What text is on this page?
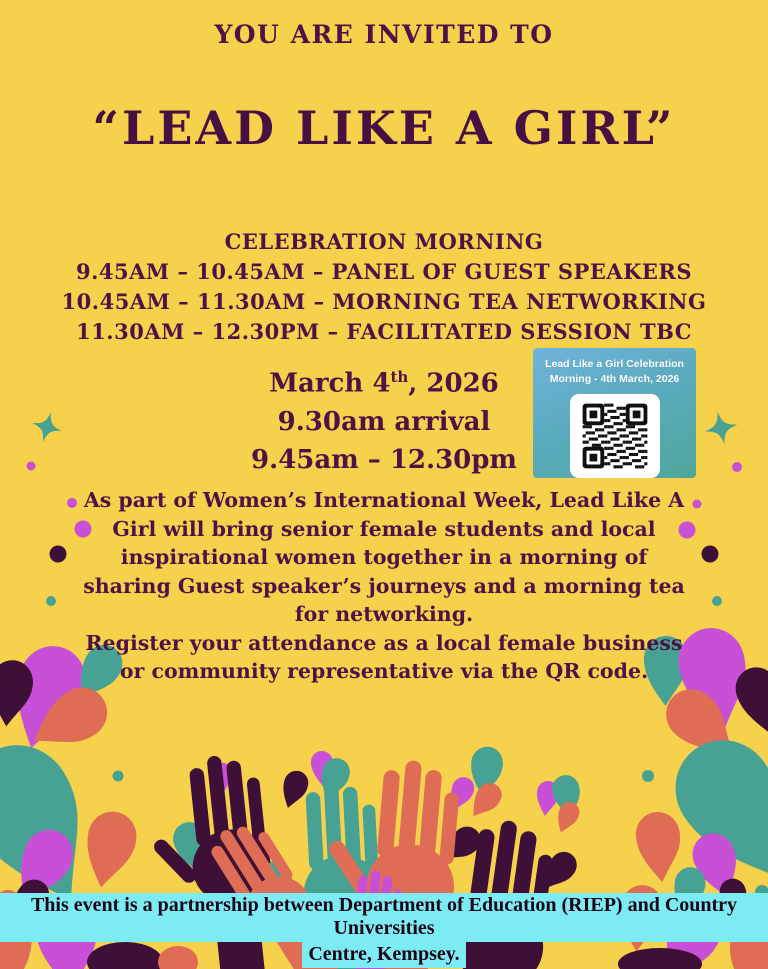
YOU ARE INVITED TO
“LEAD LIKE A GIRL”
CELEBRATION MORNING
9.45AM – 10.45AM – PANEL OF GUEST SPEAKERS
10.45AM – 11.30AM – MORNING TEA NETWORKING
11.30AM – 12.30PM – FACILITATED SESSION TBC
March 4th, 2026
9.30am arrival
9.45am – 12.30pm
Lead Like a Girl Celebration
Morning - 4th March, 2026
As part of Women’s International Week, Lead Like A Girl will bring senior female students and local inspirational women together in a morning of sharing Guest speaker’s journeys and a morning tea for networking.
Register your attendance as a local female business or community representative via the QR code.
This event is a partnership between Department of Education (RIEP) and Country Universities
Centre, Kempsey.
